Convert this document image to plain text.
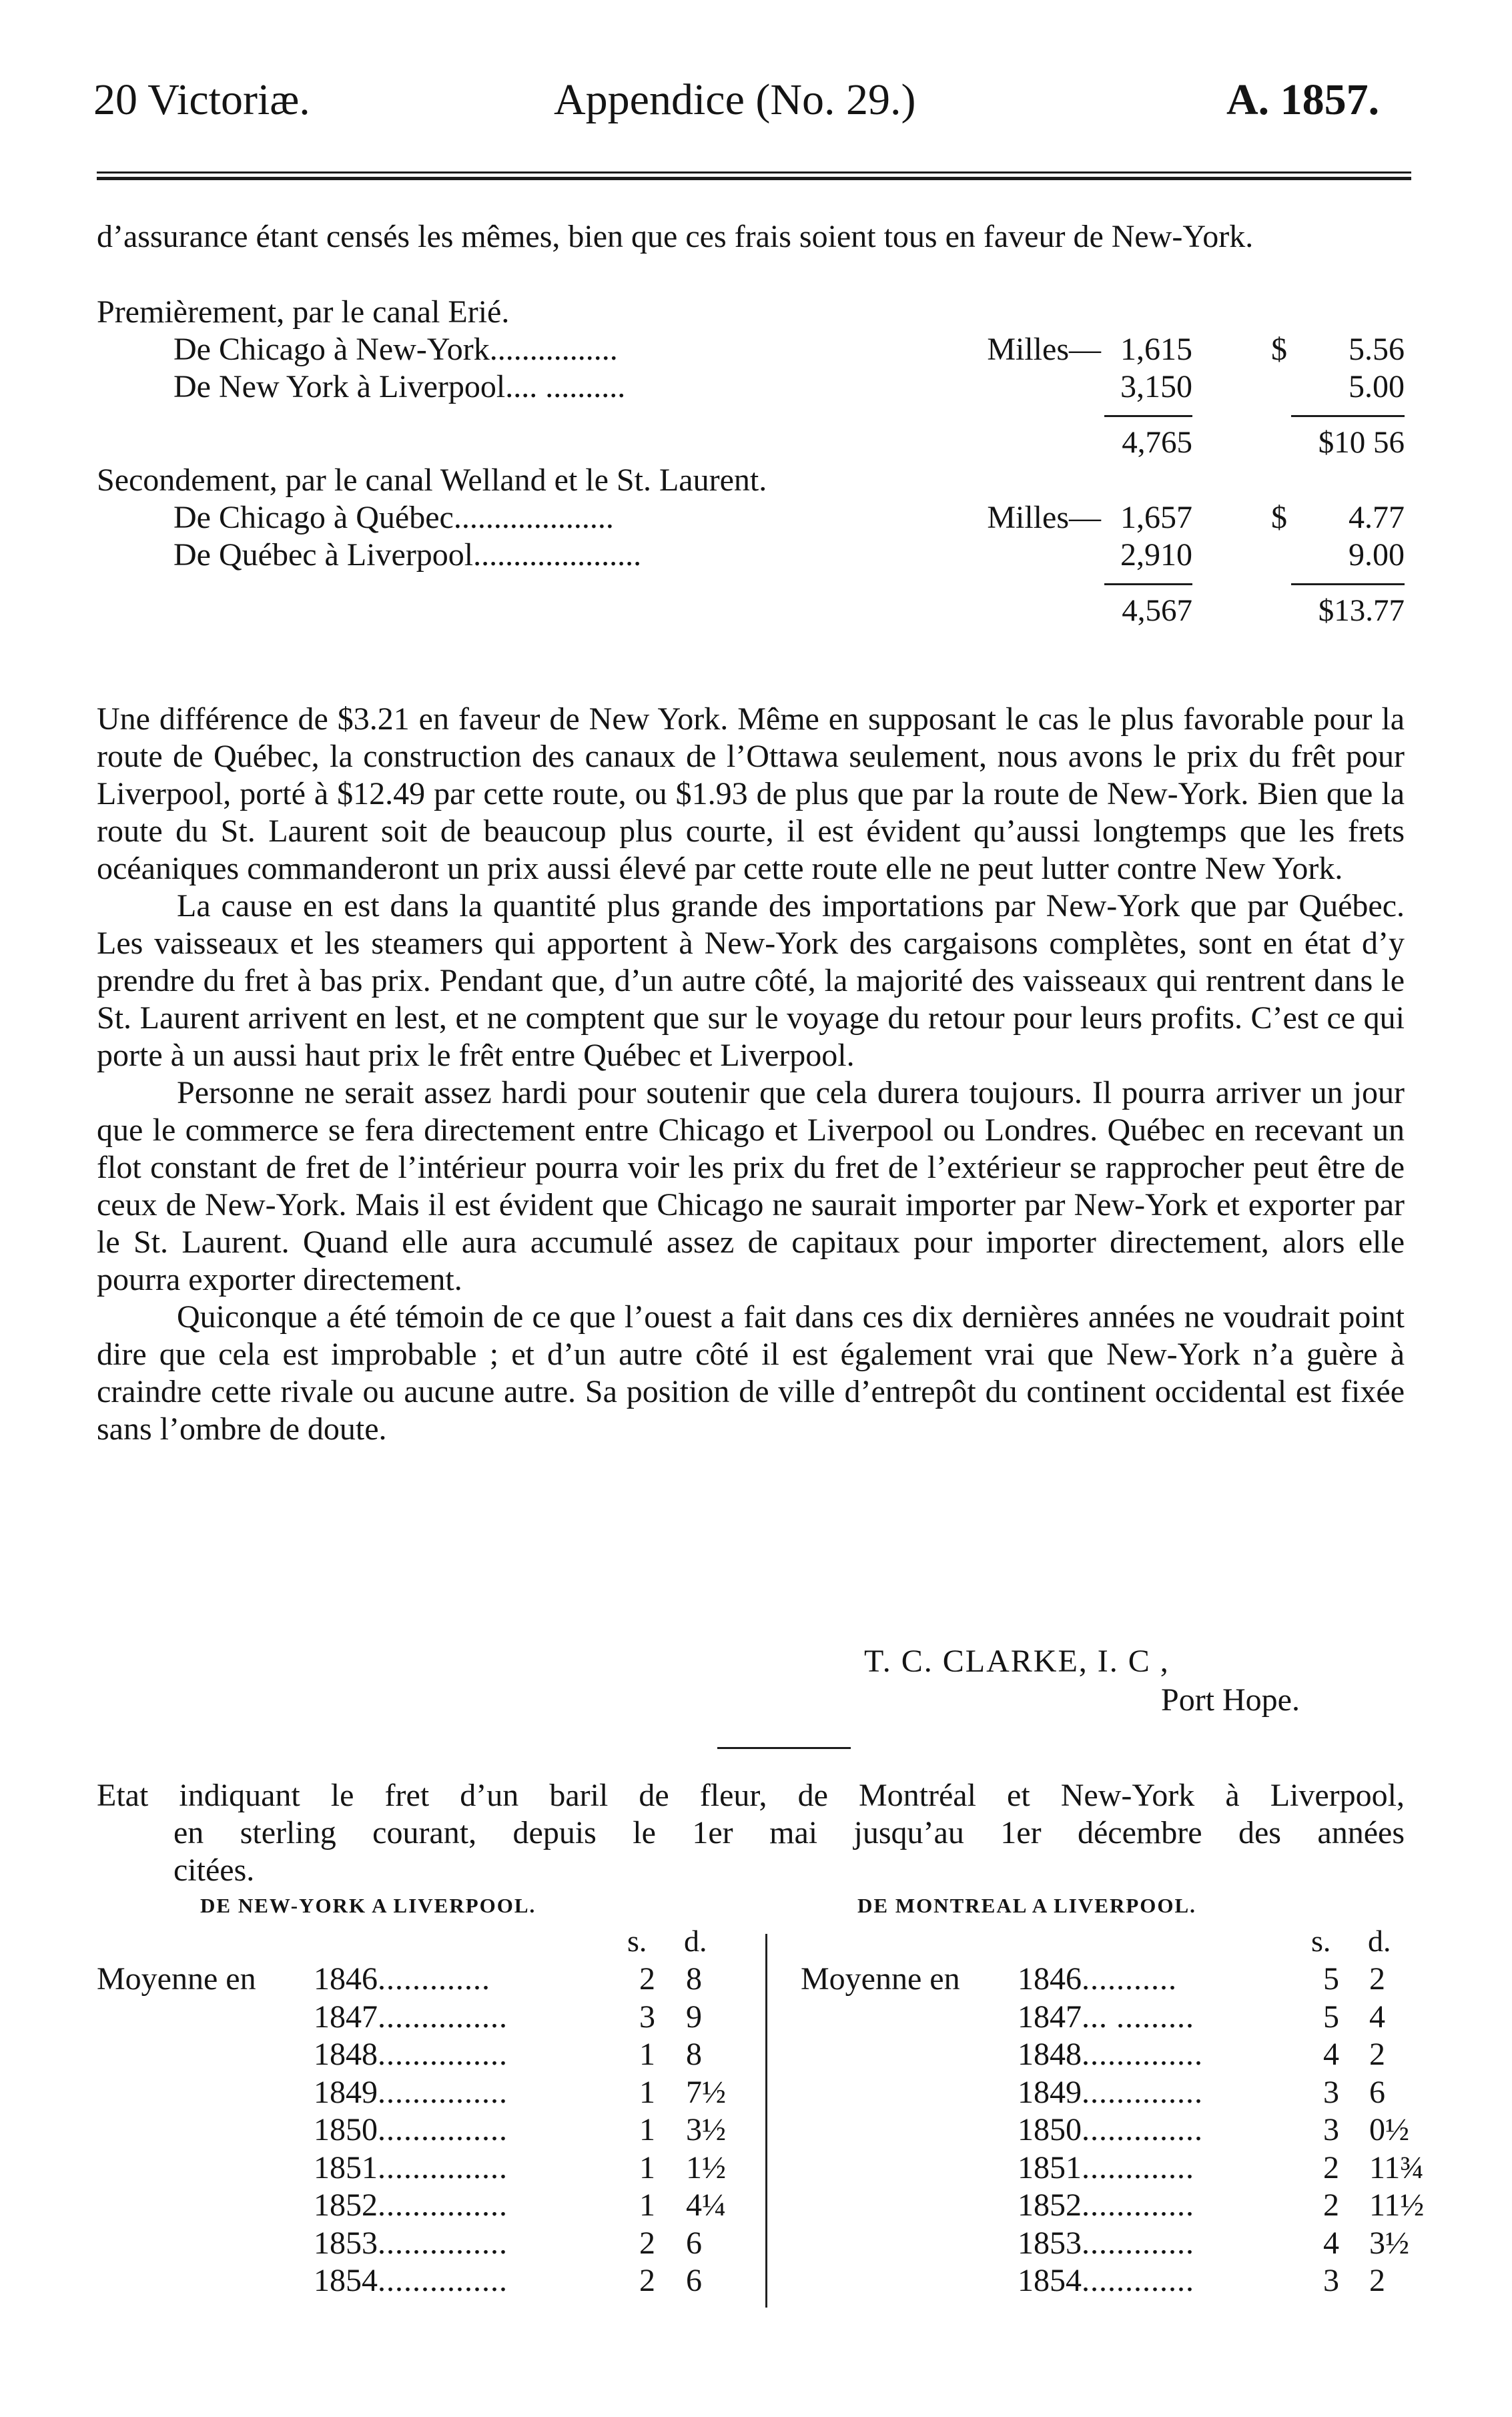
20 Victoriæ.	Appendice (No. 29.)	A. 1857.

d’assurance étant censés les mêmes, bien que ces frais soient tous en faveur de New-York.

Premièrement, par le canal Erié.
De Chicago à New-York................	Milles— 1,615 $ 5.56
De New York à Liverpool.... ..........	3,150	5.00
4,765	$10 56
Secondement, par le canal Welland et le St. Laurent.
De Chicago à Québec....................	Milles— 1,657 $ 4.77
De Québec à Liverpool.....................	2,910	9.00
4,567	$13.77

Une différence de $3.21 en faveur de New York. Même en supposant le cas le plus favorable pour la route de Québec, la construction des canaux de l’Ottawa seulement, nous avons le prix du frêt pour Liverpool, porté à $12.49 par cette route, ou $1.93 de plus que par la route de New-York. Bien que la route du St. Laurent soit de beaucoup plus courte, il est évident qu’aussi longtemps que les frets océaniques commanderont un prix aussi élevé par cette route elle ne peut lutter contre New York.

La cause en est dans la quantité plus grande des importations par New-York que par Québec. Les vaisseaux et les steamers qui apportent à New-York des cargaisons complètes, sont en état d’y prendre du fret à bas prix. Pendant que, d’un autre côté, la majorité des vaisseaux qui rentrent dans le St. Laurent arrivent en lest, et ne comptent que sur le voyage du retour pour leurs profits. C’est ce qui porte à un aussi haut prix le frêt entre Québec et Liverpool.

Personne ne serait assez hardi pour soutenir que cela durera toujours. Il pourra arriver un jour que le commerce se fera directement entre Chicago et Liverpool ou Londres. Québec en recevant un flot constant de fret de l’intérieur pourra voir les prix du fret de l’extérieur se rapprocher peut être de ceux de New-York. Mais il est évident que Chicago ne saurait importer par New-York et exporter par le St. Laurent. Quand elle aura accumulé assez de capitaux pour importer directement, alors elle pourra exporter directement.

Quiconque a été témoin de ce que l’ouest a fait dans ces dix dernières années ne voudrait point dire que cela est improbable ; et d’un autre côté il est également vrai que New-York n’a guère à craindre cette rivale ou aucune autre. Sa position de ville d’entrepôt du continent occidental est fixée sans l’ombre de doute.

T. C. CLARKE, I. C ,
Port Hope.
Etat indiquant le fret d’un baril de fleur, de Montréal et New-York à Liverpool,
en sterling courant, depuis le 1er mai jusqu’au 1er décembre des années
citées.
DE NEW-YORK A LIVERPOOL.	DE MONTREAL A LIVERPOOL.
s. d.	s. d.
Moyenne en 1846.............	2 8
1847...............	3 9
1848...............	1 8
1849...............	1 7½
1850...............	1 3½
1851...............	1 1½
1852...............	1 4¼
1853...............	2 6
1854...............	2 6
Moyenne en 1846...........	5 2
1847... .........	5 4
1848..............	4 2
1849..............	3 6
1850..............	3 0½
1851.............	2 11¾
1852.............	2 11½
1853.............	4 3½
1854.............	3 2
